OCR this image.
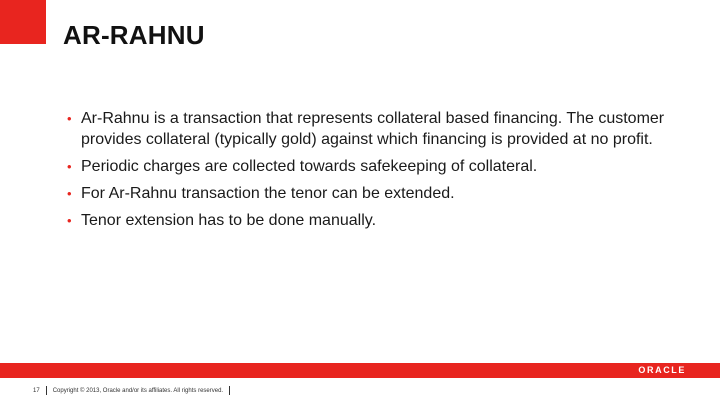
AR-RAHNU
• Ar-Rahnu is a transaction that represents collateral based financing. The customer provides collateral (typically gold) against which financing is provided at no profit.
• Periodic charges are collected towards safekeeping of collateral.
• For Ar-Rahnu transaction the tenor can be extended.
• Tenor extension has to be done manually.
ORACLE
17 Copyright © 2013, Oracle and/or its affiliates. All rights reserved.
